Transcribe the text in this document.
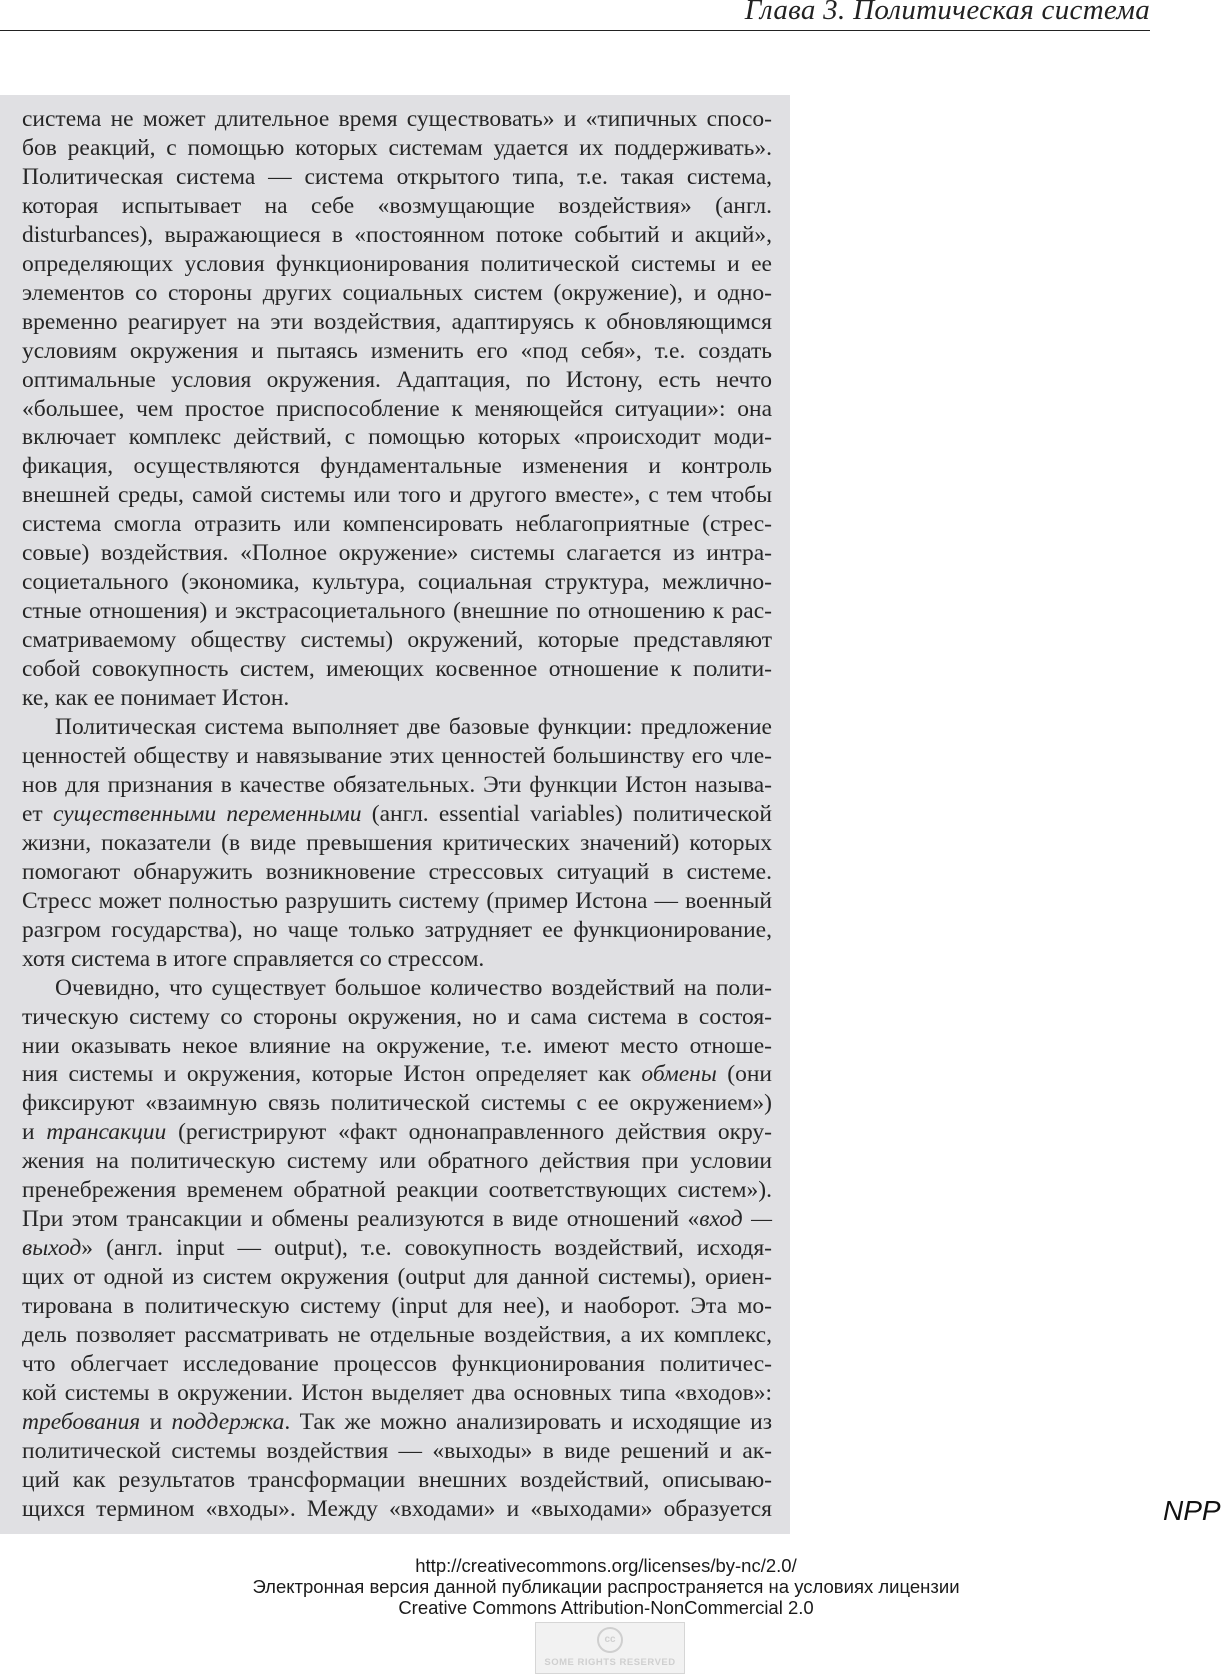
Глава 3. Политическая система
система не может длительное время существовать» и «типичных спосо-
бов реакций, с помощью которых системам удается их поддерживать».
Политическая система — система открытого типа, т.е. такая система,
которая испытывает на себе «возмущающие воздействия» (англ.
disturbances), выражающиеся в «постоянном потоке событий и акций»,
определяющих условия функционирования политической системы и ее
элементов со стороны других социальных систем (окружение), и одно-
временно реагирует на эти воздействия, адаптируясь к обновляющимся
условиям окружения и пытаясь изменить его «под себя», т.е. создать
оптимальные условия окружения. Адаптация, по Истону, есть нечто
«большее, чем простое приспособление к меняющейся ситуации»: она
включает комплекс действий, с помощью которых «происходит моди-
фикация, осуществляются фундаментальные изменения и контроль
внешней среды, самой системы или того и другого вместе», с тем чтобы
система смогла отразить или компенсировать неблагоприятные (стрес-
совые) воздействия. «Полное окружение» системы слагается из интра-
социетального (экономика, культура, социальная структура, межлично-
стные отношения) и экстрасоциетального (внешние по отношению к рас-
сматриваемому обществу системы) окружений, которые представляют
собой совокупность систем, имеющих косвенное отношение к полити-
ке, как ее понимает Истон.
Политическая система выполняет две базовые функции: предложение
ценностей обществу и навязывание этих ценностей большинству его чле-
нов для признания в качестве обязательных. Эти функции Истон называ-
ет существенными переменными (англ. essential variables) политической
жизни, показатели (в виде превышения критических значений) которых
помогают обнаружить возникновение стрессовых ситуаций в системе.
Стресс может полностью разрушить систему (пример Истона — военный
разгром государства), но чаще только затрудняет ее функционирование,
хотя система в итоге справляется со стрессом.
Очевидно, что существует большое количество воздействий на поли-
тическую систему со стороны окружения, но и сама система в состоя-
нии оказывать некое влияние на окружение, т.е. имеют место отноше-
ния системы и окружения, которые Истон определяет как обмены (они
фиксируют «взаимную связь политической системы с ее окружением»)
и трансакции (регистрируют «факт однонаправленного действия окру-
жения на политическую систему или обратного действия при условии
пренебрежения временем обратной реакции соответствующих систем»).
При этом трансакции и обмены реализуются в виде отношений «вход —
выход» (англ. input — output), т.е. совокупность воздействий, исходя-
щих от одной из систем окружения (output для данной системы), ориен-
тирована в политическую систему (input для нее), и наоборот. Эта мо-
дель позволяет рассматривать не отдельные воздействия, а их комплекс,
что облегчает исследование процессов функционирования политичес-
кой системы в окружении. Истон выделяет два основных типа «входов»:
требования и поддержка. Так же можно анализировать и исходящие из
политической системы воздействия — «выходы» в виде решений и ак-
ций как результатов трансформации внешних воздействий, описываю-
щихся термином «входы». Между «входами» и «выходами» образуется	NPP
http://creativecommons.org/licenses/by-nc/2.0/
Электронная версия данной публикации распространяется на условиях лицензии
Creative Commons Attribution-NonCommercial 2.0
cc
SOME RIGHTS RESERVED
